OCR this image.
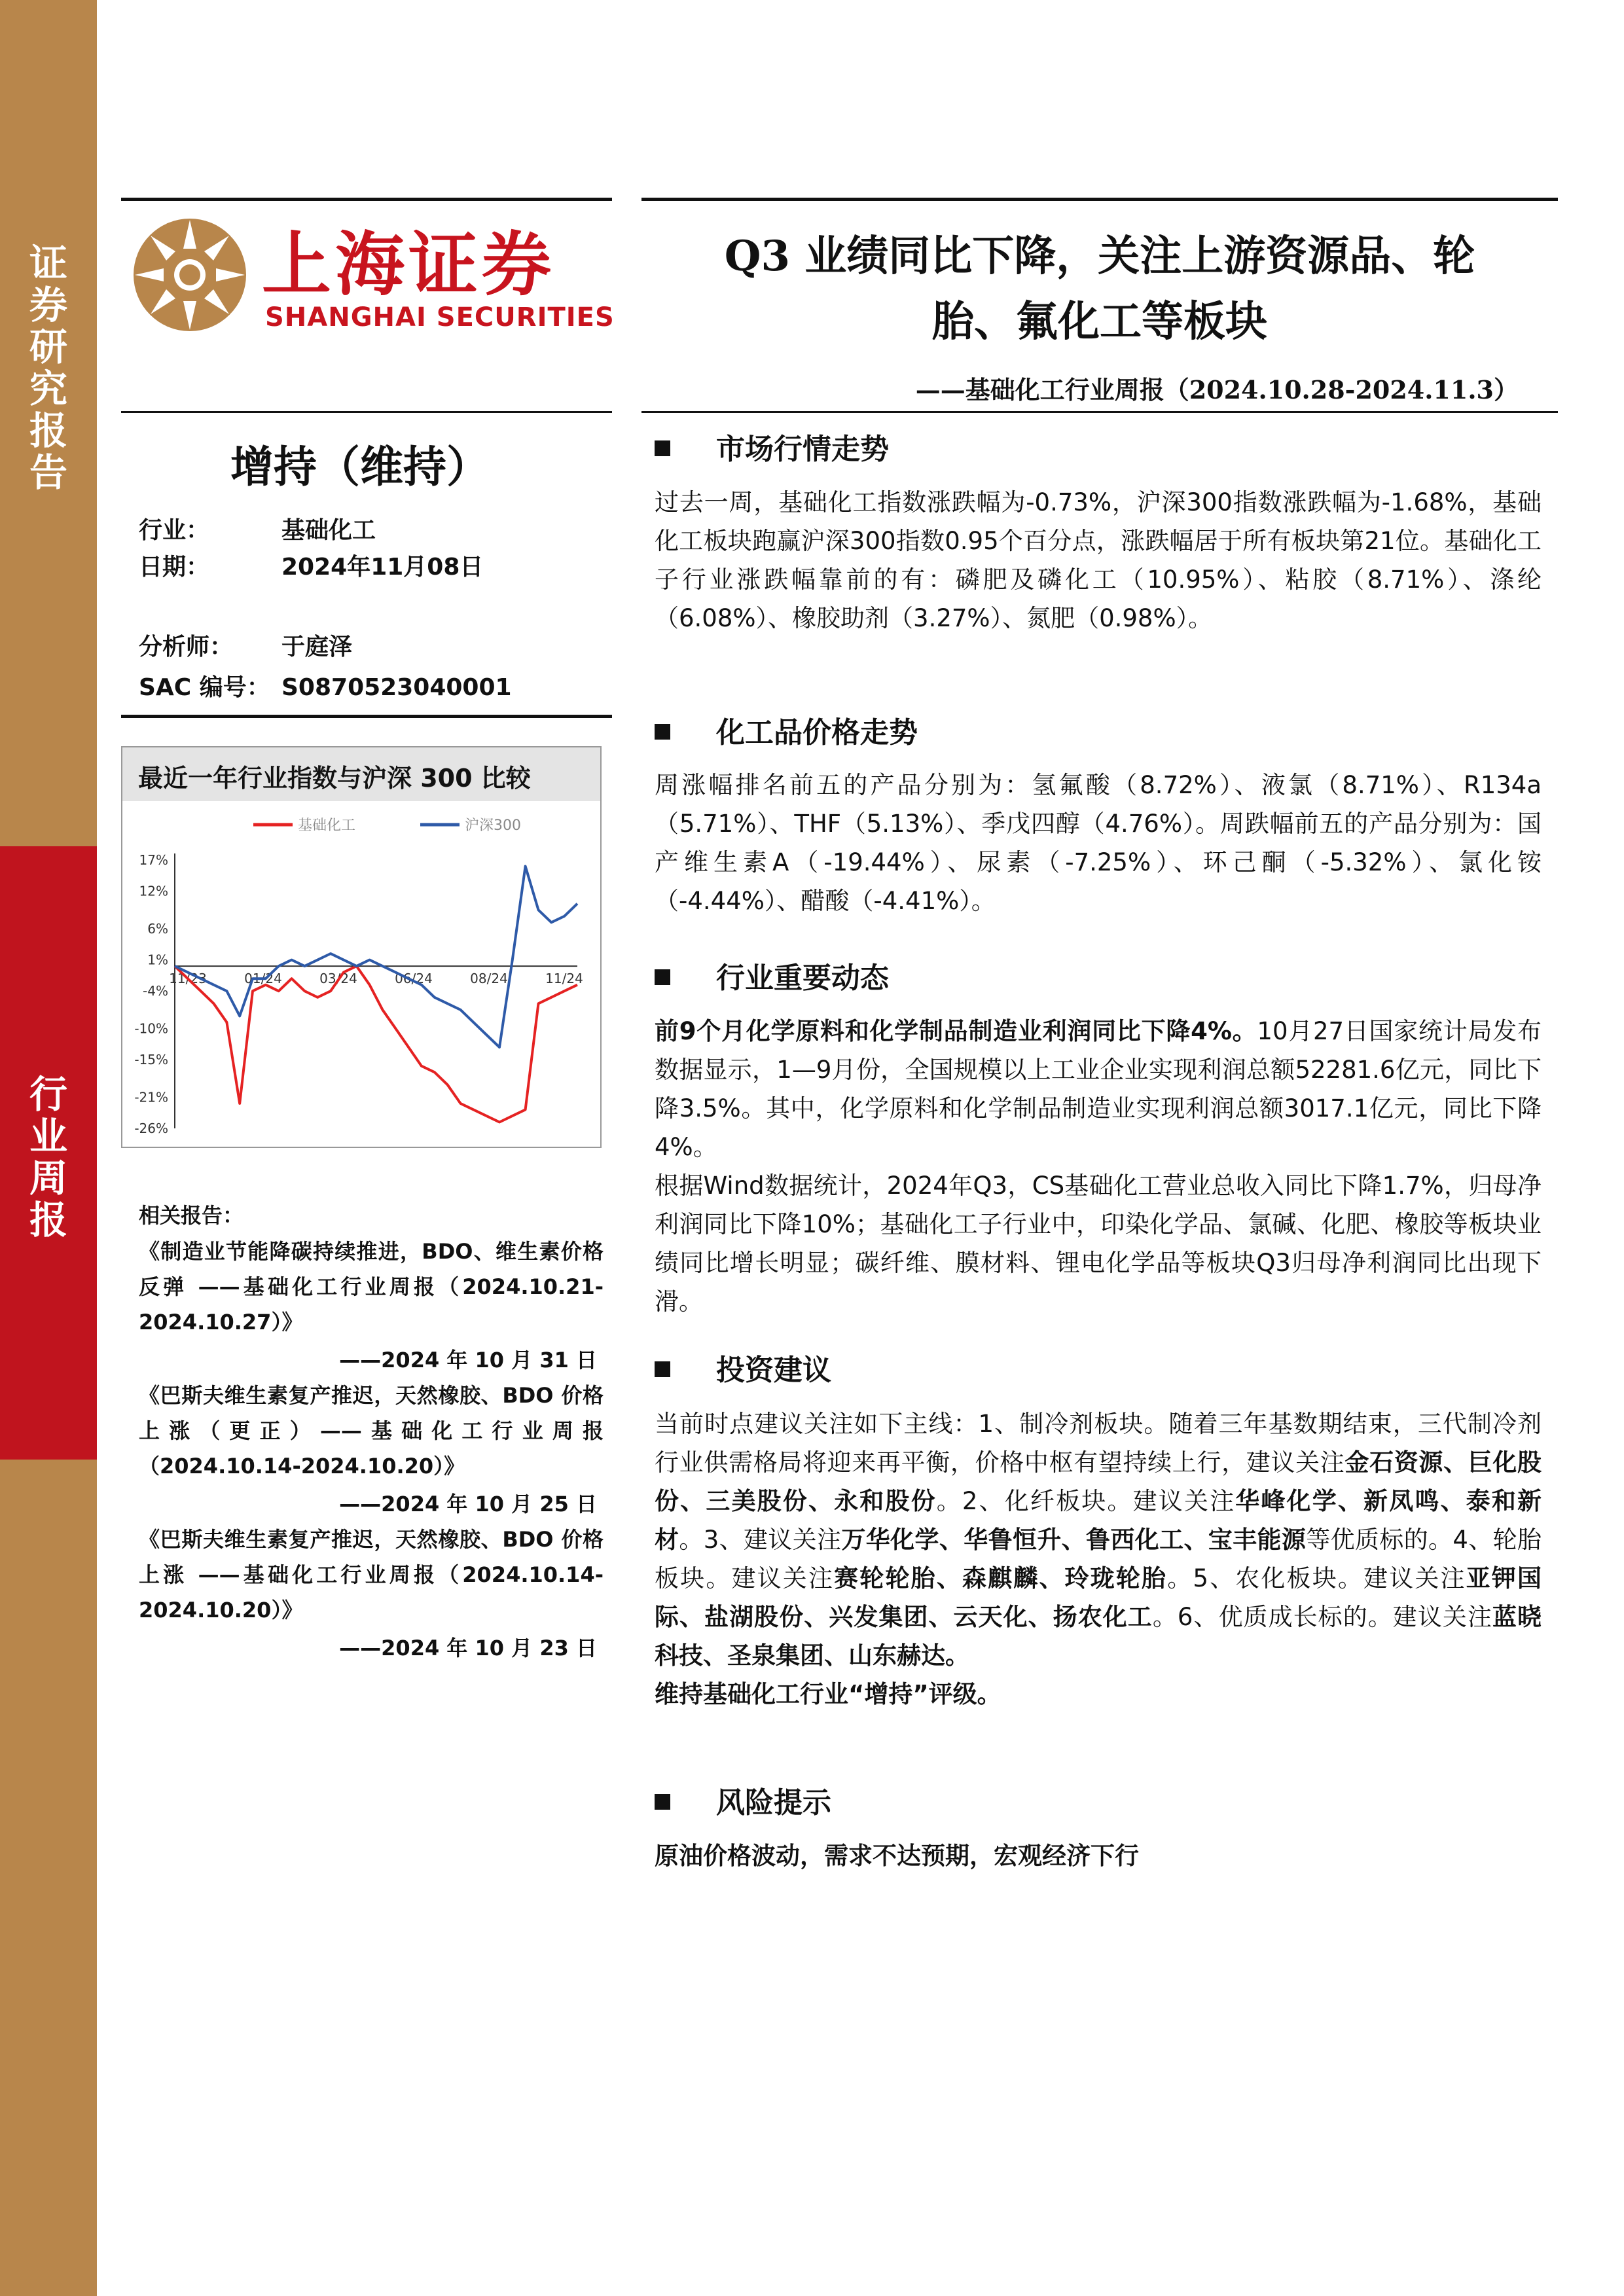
证
券
研
究
报
告
行
业
周
报
上海证券
SHANGHAI SECURITIES
Q3 业绩同比下降，关注上游资源品、轮
胎、氟化工等板块
——基础化工行业周报（2024.10.28-2024.11.3）
增持（维持）
行业：	基础化工
日期：	2024年11月08日
分析师： 于庭泽
SAC 编号： S0870523040001
最近一年行业指数与沪深 300 比较
基础化工	沪深300
17%
12%
6%
1%
-4%
-10%
-15%
-21%
-26%
11/23	01/24	03/24	06/24	08/24	11/24
相关报告：
《制造业节能降碳持续推进，BDO、维生素价格反弹 ——基础化工行业周报（2024.10.21-2024.10.27）》
——2024 年 10 月 31 日
《巴斯夫维生素复产推迟，天然橡胶、BDO 价格上涨（更正）——基础化工行业周报（2024.10.14-2024.10.20）》
——2024 年 10 月 25 日
《巴斯夫维生素复产推迟，天然橡胶、BDO 价格上涨 ——基础化工行业周报（2024.10.14-2024.10.20）》
——2024 年 10 月 23 日
市场行情走势
过去一周，基础化工指数涨跌幅为-0.73%，沪深300指数涨跌幅为-1.68%，基础化工板块跑赢沪深300指数0.95个百分点，涨跌幅居于所有板块第21位。基础化工子行业涨跌幅靠前的有：磷肥及磷化工（10.95%）、粘胶（8.71%）、涤纶（6.08%）、橡胶助剂（3.27%）、氮肥（0.98%）。
化工品价格走势
周涨幅排名前五的产品分别为：氢氟酸（8.72%）、液氯（8.71%）、R134a（5.71%）、THF（5.13%）、季戊四醇（4.76%）。周跌幅前五的产品分别为：国产维生素A（-19.44%）、尿素（-7.25%）、环己酮（-5.32%）、氯化铵（-4.44%）、醋酸（-4.41%）。
行业重要动态
前9个月化学原料和化学制品制造业利润同比下降4%。10月27日国家统计局发布数据显示，1—9月份，全国规模以上工业企业实现利润总额52281.6亿元，同比下降3.5%。其中，化学原料和化学制品制造业实现利润总额3017.1亿元，同比下降4%。
根据Wind数据统计，2024年Q3，CS基础化工营业总收入同比下降1.7%，归母净利润同比下降10%；基础化工子行业中，印染化学品、氯碱、化肥、橡胶等板块业绩同比增长明显；碳纤维、膜材料、锂电化学品等板块Q3归母净利润同比出现下滑。
投资建议
当前时点建议关注如下主线：1、制冷剂板块。随着三年基数期结束，三代制冷剂行业供需格局将迎来再平衡，价格中枢有望持续上行，建议关注金石资源、巨化股份、三美股份、永和股份。2、化纤板块。建议关注华峰化学、新凤鸣、泰和新材。3、建议关注万华化学、华鲁恒升、鲁西化工、宝丰能源等优质标的。4、轮胎板块。建议关注赛轮轮胎、森麒麟、玲珑轮胎。5、农化板块。建议关注亚钾国际、盐湖股份、兴发集团、云天化、扬农化工。6、优质成长标的。建议关注蓝晓科技、圣泉集团、山东赫达。
维持基础化工行业“增持”评级。
风险提示
原油价格波动，需求不达预期，宏观经济下行
